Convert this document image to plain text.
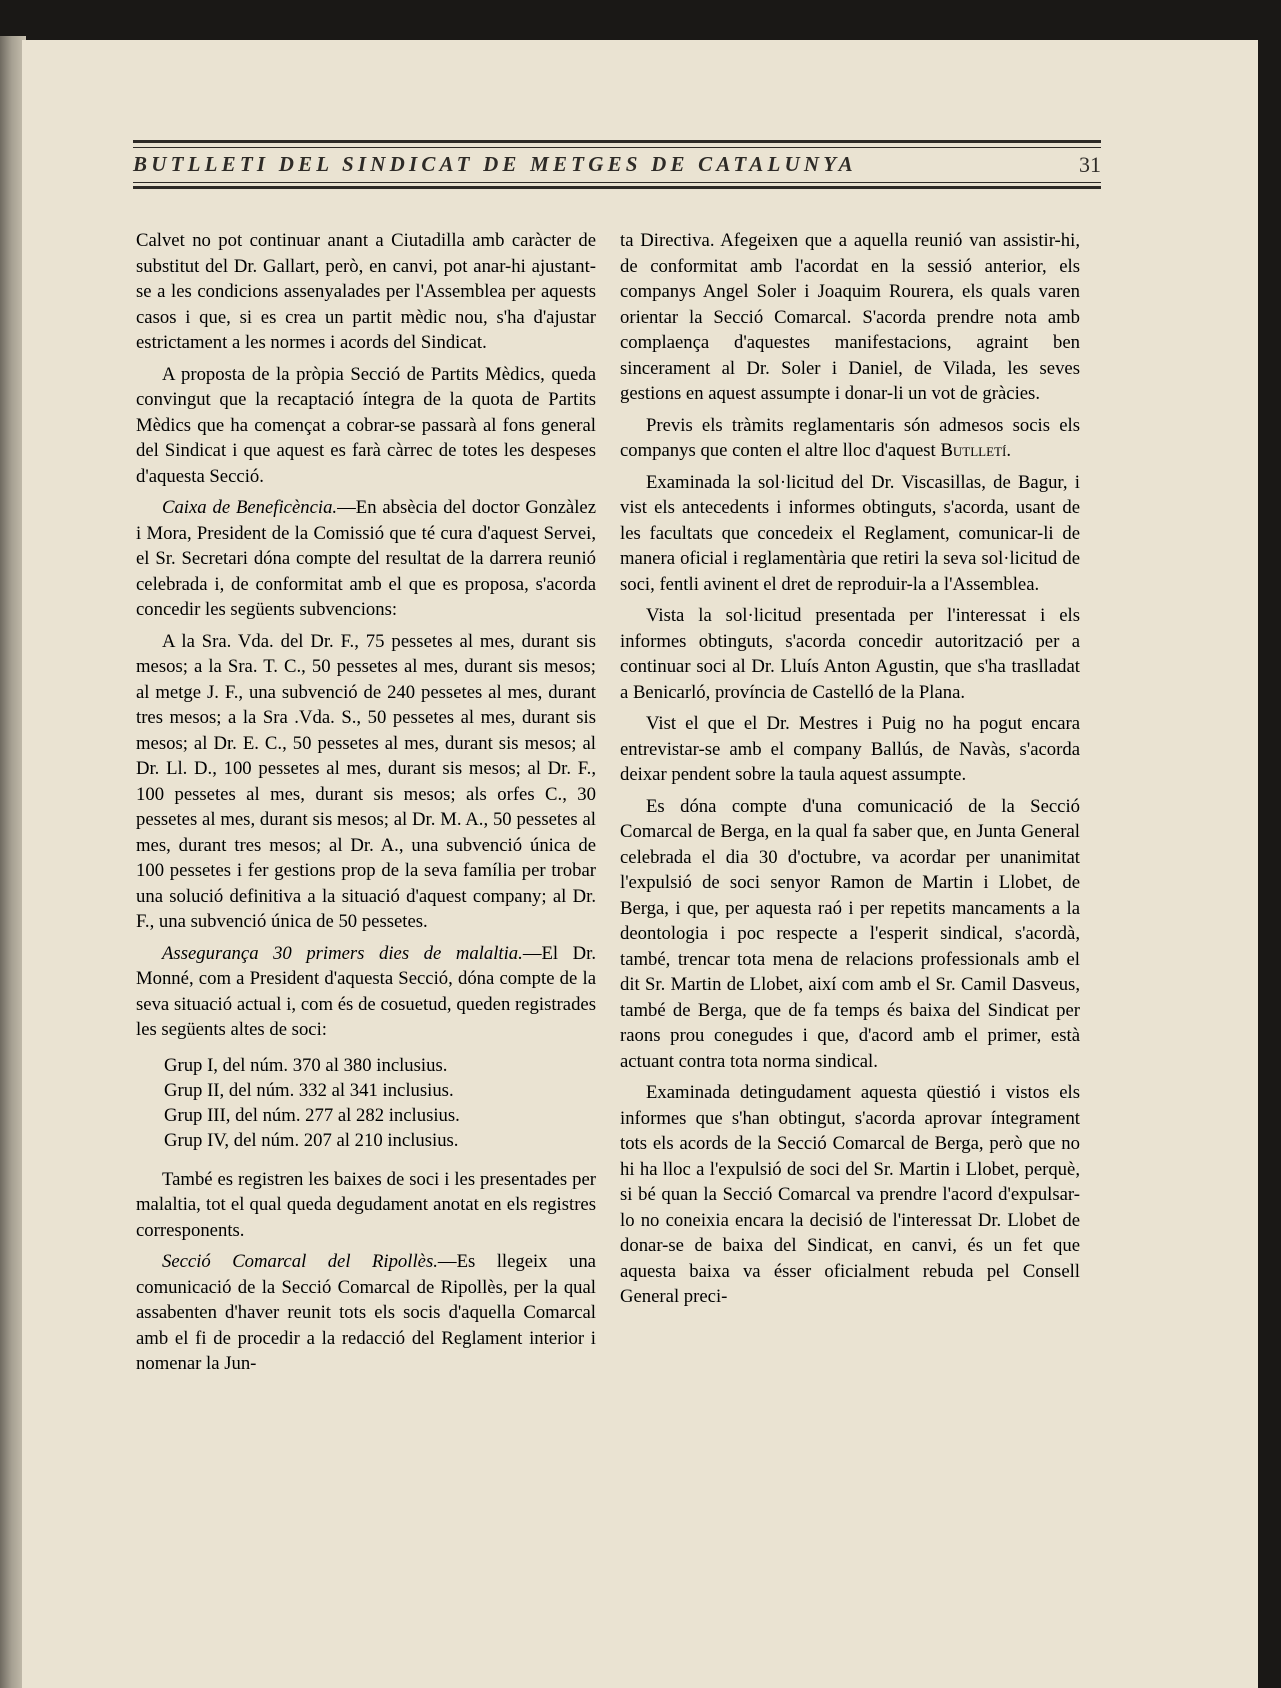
BUTLLETI DEL SINDICAT DE METGES DE CATALUNYA	31

Calvet no pot continuar anant a Ciutadilla amb caràcter de substitut del Dr. Gallart, però, en canvi, pot anar-hi ajustant-se a les condicions assenyalades per l'Assemblea per aquests casos i que, si es crea un partit mèdic nou, s'ha d'ajustar estrictament a les normes i acords del Sindicat.

A proposta de la pròpia Secció de Partits Mèdics, queda convingut que la recaptació íntegra de la quota de Partits Mèdics que ha començat a cobrar-se passarà al fons general del Sindicat i que aquest es farà càrrec de totes les despeses d'aquesta Secció.

Caixa de Beneficència.—En absècia del doctor Gonzàlez i Mora, President de la Comissió que té cura d'aquest Servei, el Sr. Secretari dóna compte del resultat de la darrera reunió celebrada i, de conformitat amb el que es proposa, s'acorda concedir les següents subvencions:

A la Sra. Vda. del Dr. F., 75 pessetes al mes, durant sis mesos; a la Sra. T. C., 50 pessetes al mes, durant sis mesos; al metge J. F., una subvenció de 240 pessetes al mes, durant tres mesos; a la Sra .Vda. S., 50 pessetes al mes, durant sis mesos; al Dr. E. C., 50 pessetes al mes, durant sis mesos; al Dr. Ll. D., 100 pessetes al mes, durant sis mesos; al Dr. F., 100 pessetes al mes, durant sis mesos; als orfes C., 30 pessetes al mes, durant sis mesos; al Dr. M. A., 50 pessetes al mes, durant tres mesos; al Dr. A., una subvenció única de 100 pessetes i fer gestions prop de la seva família per trobar una solució definitiva a la situació d'aquest company; al Dr. F., una subvenció única de 50 pessetes.

Assegurança 30 primers dies de malaltia.—El Dr. Monné, com a President d'aquesta Secció, dóna compte de la seva situació actual i, com és de cosuetud, queden registrades les següents altes de soci:

Grup I, del núm. 370 al 380 inclusius.
Grup II, del núm. 332 al 341 inclusius.
Grup III, del núm. 277 al 282 inclusius.
Grup IV, del núm. 207 al 210 inclusius.

També es registren les baixes de soci i les presentades per malaltia, tot el qual queda degudament anotat en els registres corresponents.

Secció Comarcal del Ripollès.—Es llegeix una comunicació de la Secció Comarcal de Ripollès, per la qual assabenten d'haver reunit tots els socis d'aquella Comarcal amb el fi de procedir a la redacció del Reglament interior i nomenar la Jun-

ta Directiva. Afegeixen que a aquella reunió van assistir-hi, de conformitat amb l'acordat en la sessió anterior, els companys Angel Soler i Joaquim Rourera, els quals varen orientar la Secció Comarcal. S'acorda prendre nota amb complaença d'aquestes manifestacions, agraint ben sincerament al Dr. Soler i Daniel, de Vilada, les seves gestions en aquest assumpte i donar-li un vot de gràcies.

Previs els tràmits reglamentaris són admesos socis els companys que conten el altre lloc d'aquest Butlletí.

Examinada la sol·licitud del Dr. Viscasillas, de Bagur, i vist els antecedents i informes obtinguts, s'acorda, usant de les facultats que concedeix el Reglament, comunicar-li de manera oficial i reglamentària que retiri la seva sol·licitud de soci, fentli avinent el dret de reproduir-la a l'Assemblea.

Vista la sol·licitud presentada per l'interessat i els informes obtinguts, s'acorda concedir autorització per a continuar soci al Dr. Lluís Anton Agustin, que s'ha traslladat a Benicarló, província de Castelló de la Plana.

Vist el que el Dr. Mestres i Puig no ha pogut encara entrevistar-se amb el company Ballús, de Navàs, s'acorda deixar pendent sobre la taula aquest assumpte.

Es dóna compte d'una comunicació de la Secció Comarcal de Berga, en la qual fa saber que, en Junta General celebrada el dia 30 d'octubre, va acordar per unanimitat l'expulsió de soci senyor Ramon de Martin i Llobet, de Berga, i que, per aquesta raó i per repetits mancaments a la deontologia i poc respecte a l'esperit sindical, s'acordà, també, trencar tota mena de relacions professionals amb el dit Sr. Martin de Llobet, així com amb el Sr. Camil Dasveus, també de Berga, que de fa temps és baixa del Sindicat per raons prou conegudes i que, d'acord amb el primer, està actuant contra tota norma sindical.

Examinada detingudament aquesta qüestió i vistos els informes que s'han obtingut, s'acorda aprovar íntegrament tots els acords de la Secció Comarcal de Berga, però que no hi ha lloc a l'expulsió de soci del Sr. Martin i Llobet, perquè, si bé quan la Secció Comarcal va prendre l'acord d'expulsar-lo no coneixia encara la decisió de l'interessat Dr. Llobet de donar-se de baixa del Sindicat, en canvi, és un fet que aquesta baixa va ésser oficialment rebuda pel Consell General preci-
